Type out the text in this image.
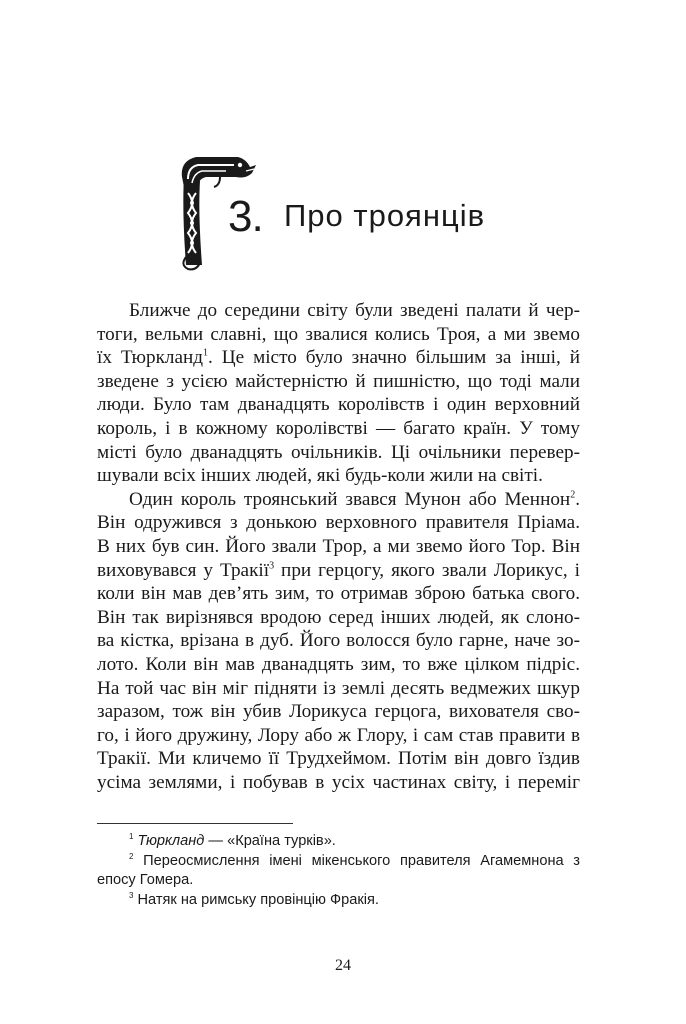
3. Про троянців
Ближче до середини світу були зведені палати й чер-
тоги, вельми славні, що звалися колись Троя, а ми звемо
їх Тюркланд$^1$. Це місто було значно більшим за інші, й
зведене з усією майстерністю й пишністю, що тоді мали
люди. Було там дванадцять королівств і один верховний
король, і в кожному королівстві — багато країн. У тому
місті було дванадцять очільників. Ці очільники перевер-
шували всіх інших людей, які будь-коли жили на світі.
Один король троянський звався Мунон або Меннон$^2$.
Він одружився з донькою верховного правителя Пріама.
В них був син. Його звали Трор, а ми звемо його Тор. Він
виховувався у Тракії$^3$ при герцогу, якого звали Лорикус, і
коли він мав дев’ять зим, то отримав зброю батька свого.
Він так вирізнявся вродою серед інших людей, як слоно-
ва кістка, врізана в дуб. Його волосся було гарне, наче зо-
лото. Коли він мав дванадцять зим, то вже цілком підріс.
На той час він міг підняти із землі десять ведмежих шкур
заразом, тож він убив Лорикуса герцога, вихователя сво-
го, і його дружину, Лору або ж Глору, і сам став правити в
Тракії. Ми кличемо її Трудхеймом. Потім він довго їздив
усіма землями, і побував в усіх частинах світу, і переміг
$^1$ Тюркланд — «Країна турків».
$^2$ Переосмислення імені мікенського правителя Агамемнона з епосу Гомера.
$^3$ Натяк на римську провінцію Фракія.
24
